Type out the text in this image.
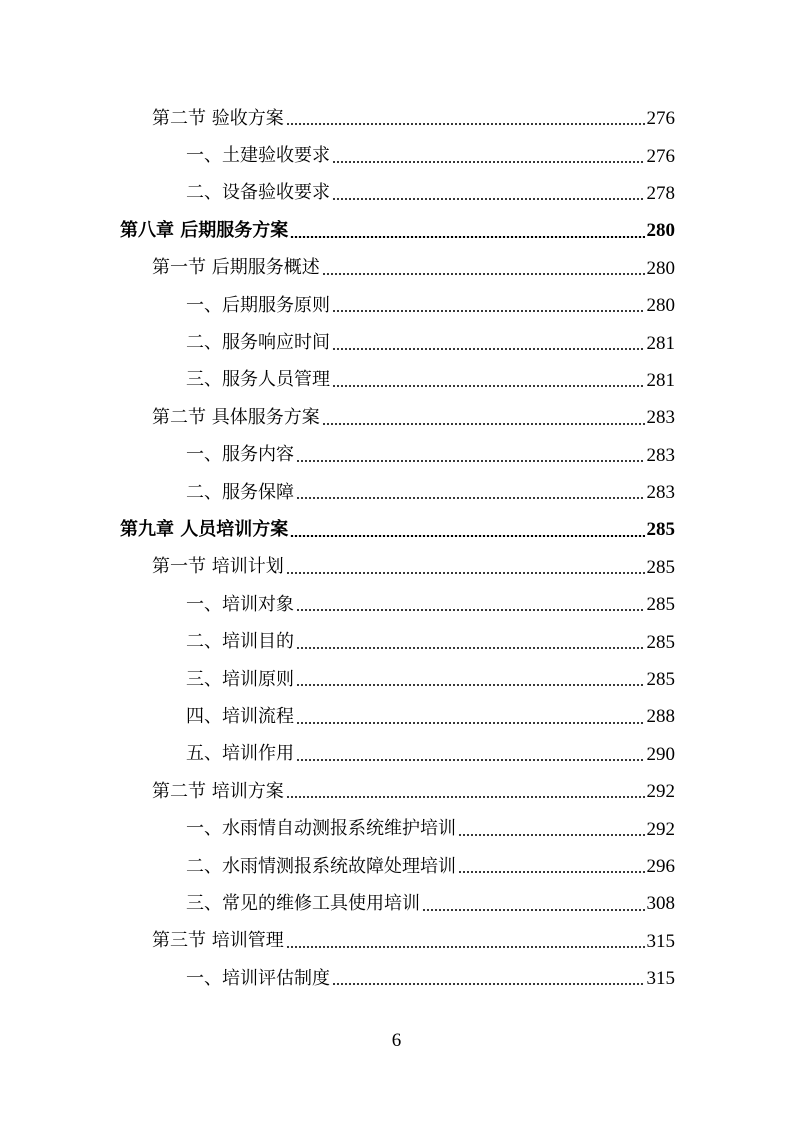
第二节 验收方案	276
一、土建验收要求	276
二、设备验收要求	278
第八章 后期服务方案	280
第一节 后期服务概述	280
一、后期服务原则	280
二、服务响应时间	281
三、服务人员管理	281
第二节 具体服务方案	283
一、服务内容	283
二、服务保障	283
第九章 人员培训方案	285
第一节 培训计划	285
一、培训对象	285
二、培训目的	285
三、培训原则	285
四、培训流程	288
五、培训作用	290
第二节 培训方案	292
一、水雨情自动测报系统维护培训	292
二、水雨情测报系统故障处理培训	296
三、常见的维修工具使用培训	308
第三节 培训管理	315
一、培训评估制度	315
6
